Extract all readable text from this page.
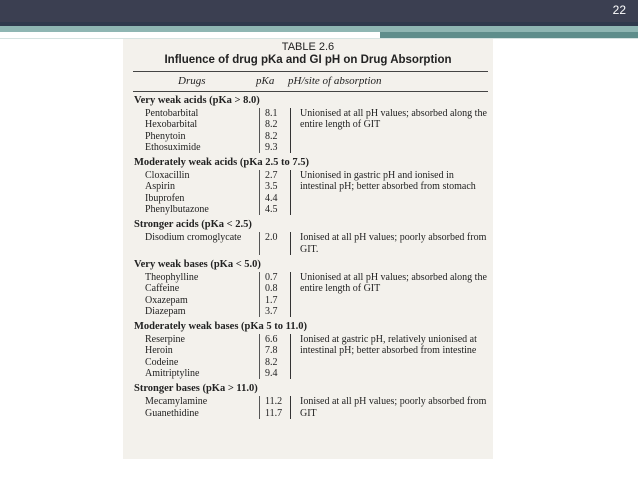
22
TABLE 2.6
Influence of drug pKa and GI pH on Drug Absorption
Drugs	pKa pH/site of absorption
Very weak acids (pKa > 8.0)
Pentobarbital	8.1
Hexobarbital	8.2
Phenytoin	8.2
Ethosuximide	9.3
Unionised at all pH values; absorbed along the entire length of GIT
Moderately weak acids (pKa 2.5 to 7.5)
Cloxacillin	2.7
Aspirin	3.5
Ibuprofen	4.4
Phenylbutazone	4.5
Unionised in gastric pH and ionised in intestinal pH; better absorbed from stomach
Stronger acids (pKa < 2.5)
Disodium cromoglycate 2.0 Ionised at all pH values; poorly absorbed from GIT.
Very weak bases (pKa < 5.0)
Theophylline	0.7
Caffeine	0.8
Oxazepam	1.7
Diazepam	3.7
Unionised at all pH values; absorbed along the entire length of GIT
Moderately weak bases (pKa 5 to 11.0)
Reserpine	6.6
Heroin	7.8
Codeine	8.2
Amitriptyline	9.4
Ionised at gastric pH, relatively unionised at intestinal pH; better absorbed from intestine
Stronger bases (pKa > 11.0)
Mecamylamine	11.2
Guanethidine	11.7
Ionised at all pH values; poorly absorbed from GIT
